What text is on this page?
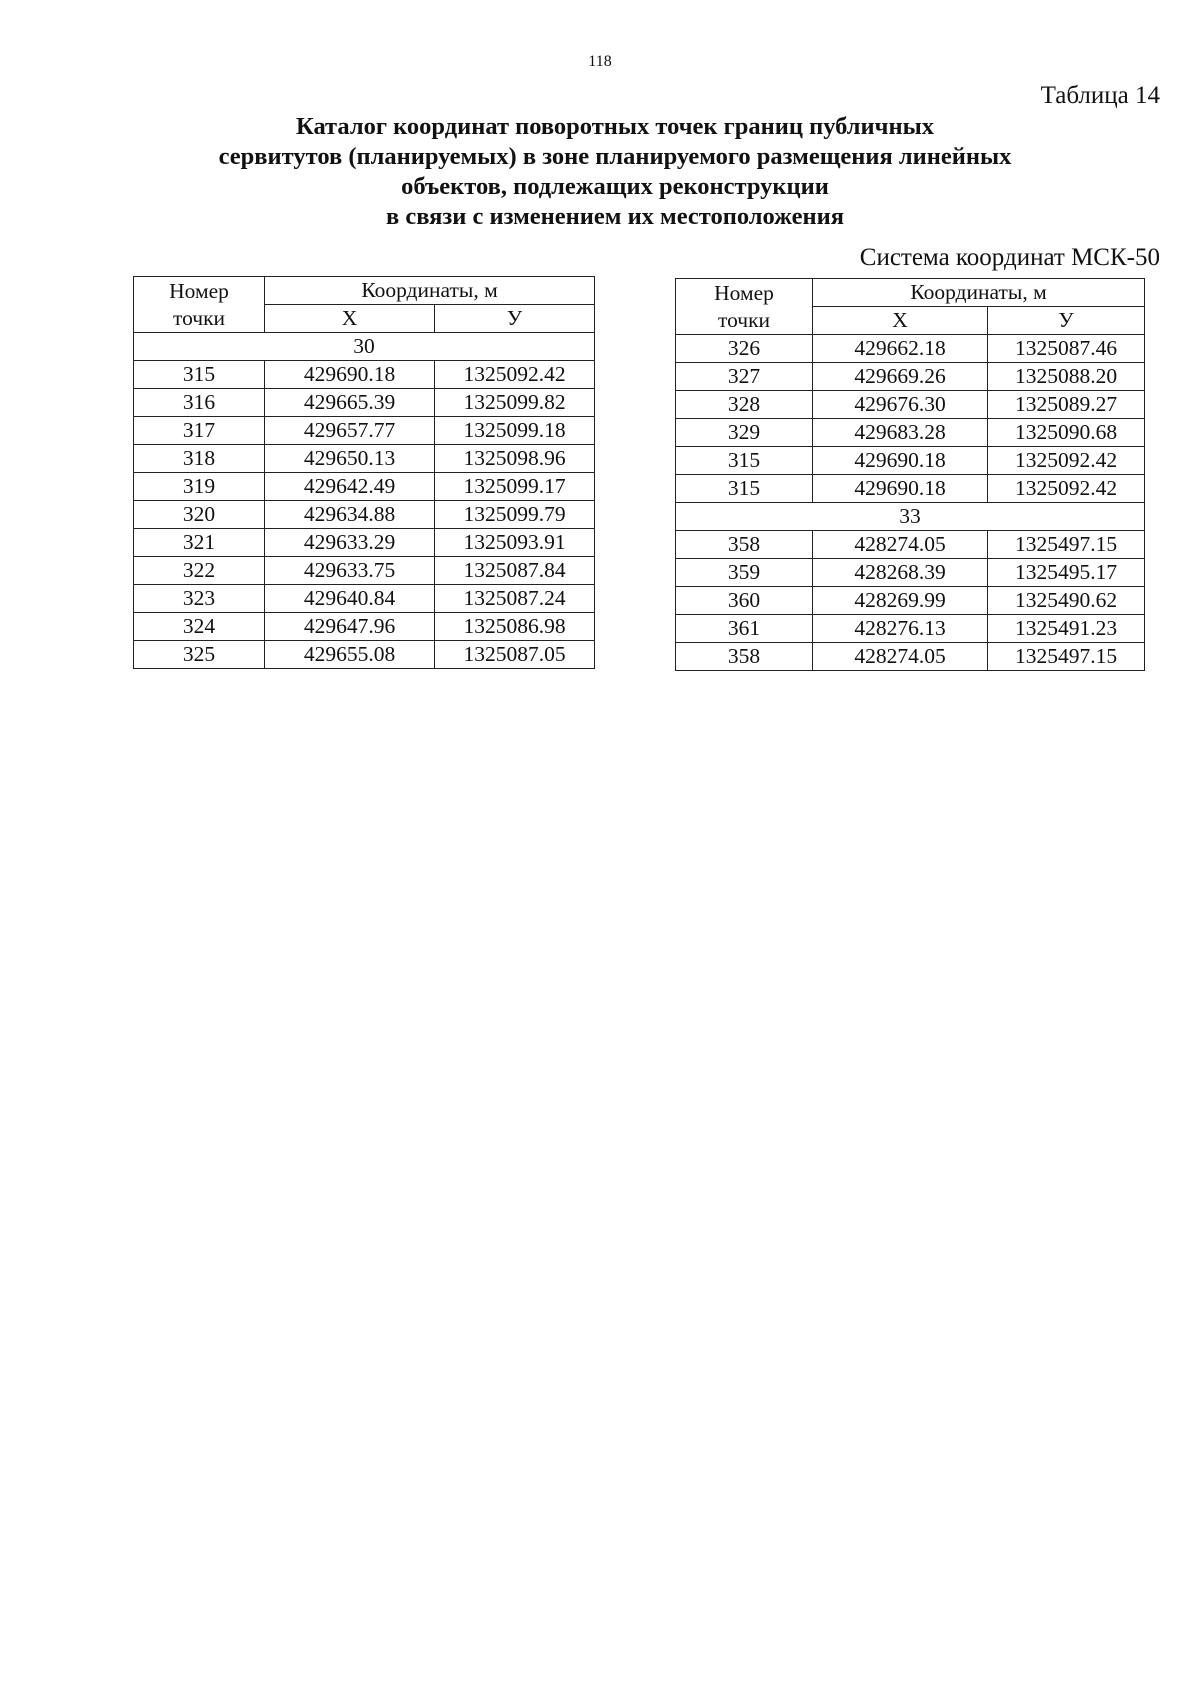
118
Таблица 14
Каталог координат поворотных точек границ публичных
сервитутов (планируемых) в зоне планируемого размещения линейных
объектов, подлежащих реконструкции
в связи с изменением их местоположения
Система координат МСК-50
Номер
точки	Координаты, м	
	Х	У
30		
315	429690.18	1325092.42
316	429665.39	1325099.82
317	429657.77	1325099.18
318	429650.13	1325098.96
319	429642.49	1325099.17
320	429634.88	1325099.79
321	429633.29	1325093.91
322	429633.75	1325087.84
323	429640.84	1325087.24
324	429647.96	1325086.98
325	429655.08	1325087.05
Номер
точки	Координаты, м	
	Х	У
326	429662.18	1325087.46
327	429669.26	1325088.20
328	429676.30	1325089.27
329	429683.28	1325090.68
315	429690.18	1325092.42
315	429690.18	1325092.42
33		
358	428274.05	1325497.15
359	428268.39	1325495.17
360	428269.99	1325490.62
361	428276.13	1325491.23
358	428274.05	1325497.15
